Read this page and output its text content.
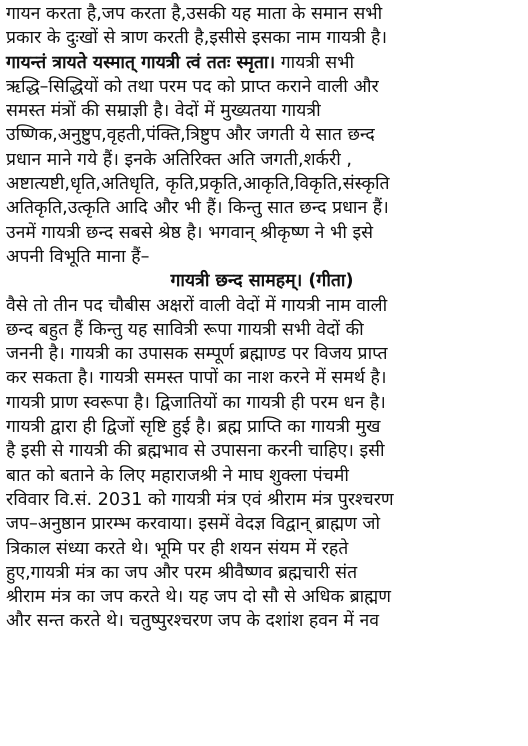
गायन करता है,जप करता है,उसकी यह माता के समान सभी
प्रकार के दुःखों से त्राण करती है,इसीसे इसका नाम गायत्री है।
गायन्तं त्रायते यस्मात् गायत्री त्वं ततः स्मृता। गायत्री सभी
ऋद्धि–सिद्धियों को तथा परम पद को प्राप्त कराने वाली और
समस्त मंत्रों की सम्राज्ञी है। वेदों में मुख्यतया गायत्री
उष्णिक,अनुष्टुप,वृहती,पंक्ति,त्रिष्टुप और जगती ये सात छन्द
प्रधान माने गये हैं। इनके अतिरिक्त अति जगती,शर्करी ,
अष्टात्यष्टी,धृति,अतिधृति, कृति,प्रकृति,आकृति,विकृति,संस्कृति
अतिकृति,उत्कृति आदि और भी हैं। किन्तु सात छन्द प्रधान हैं।
उनमें गायत्री छन्द सबसे श्रेष्ठ है। भगवान् श्रीकृष्ण ने भी इसे
अपनी विभूति माना हैं–
गायत्री छन्द सामहम्। (गीता)
वैसे तो तीन पद चौबीस अक्षरों वाली वेदों में गायत्री नाम वाली
छन्द बहुत हैं किन्तु यह सावित्री रूपा गायत्री सभी वेदों की
जननी है। गायत्री का उपासक सम्पूर्ण ब्रह्माण्ड पर विजय प्राप्त
कर सकता है। गायत्री समस्त पापों का नाश करने में समर्थ है।
गायत्री प्राण स्वरूपा है। द्विजातियों का गायत्री ही परम धन है।
गायत्री द्वारा ही द्विजों सृष्टि हुई है। ब्रह्म प्राप्ति का गायत्री मुख
है इसी से गायत्री की ब्रह्मभाव से उपासना करनी चाहिए। इसी
बात को बताने के लिए महाराजश्री ने माघ शुक्ला पंचमी
रविवार वि.सं. 2031 को गायत्री मंत्र एवं श्रीराम मंत्र पुरश्चरण
जप–अनुष्ठान प्रारम्भ करवाया। इसमें वेदज्ञ विद्वान् ब्राह्मण जो
त्रिकाल संध्या करते थे। भूमि पर ही शयन संयम में रहते
हुए,गायत्री मंत्र का जप और परम श्रीवैष्णव ब्रह्मचारी संत
श्रीराम मंत्र का जप करते थे। यह जप दो सौ से अधिक ब्राह्मण
और सन्त करते थे। चतुष्पुरश्चरण जप के दशांश हवन में नव
